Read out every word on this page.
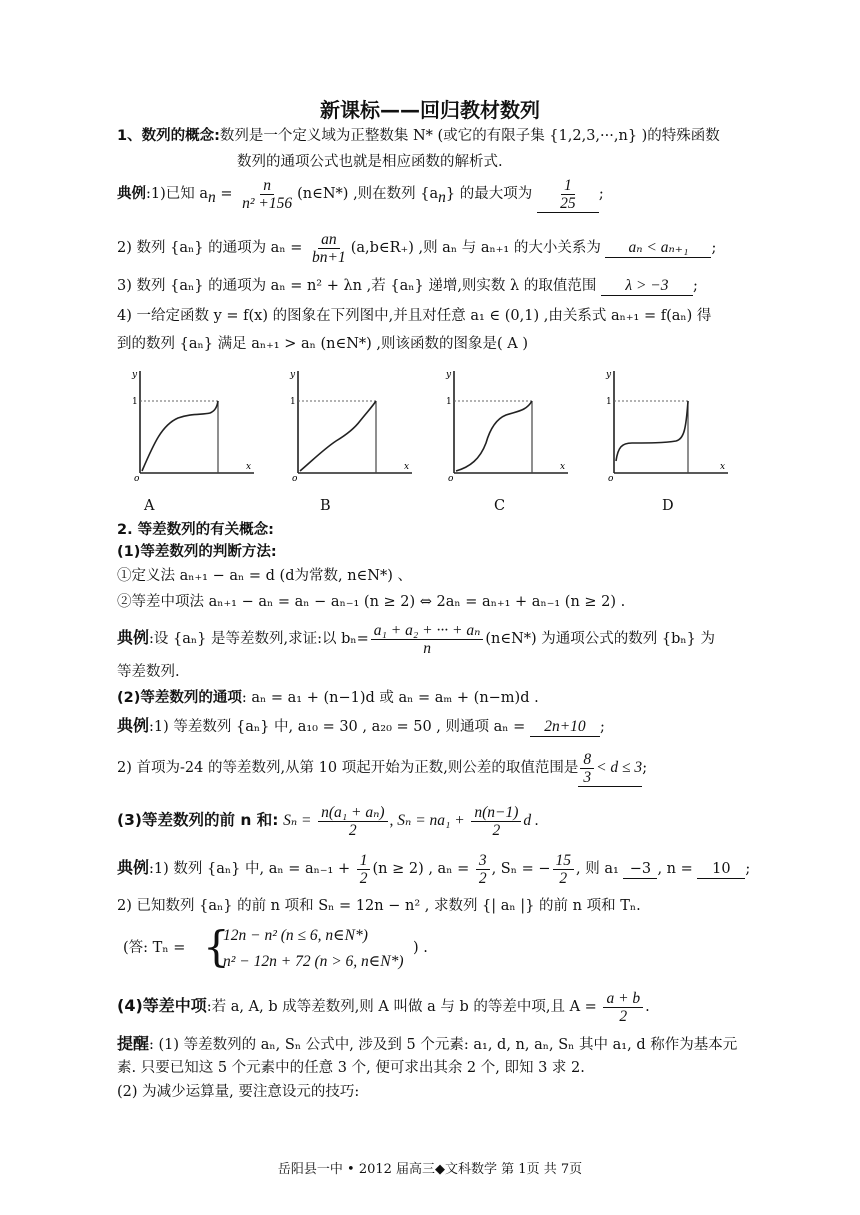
新课标——回归教材数列
1、数列的概念:数列是一个定义域为正整数集 N* (或它的有限子集 {1,2,3,···,n} )的特殊函数
数列的通项公式也就是相应函数的解析式.
典例:1)已知 $a_n = \frac{n}{\text{n² +156}}$ (n∈N*) ,则在数列 $\{a_n\}$ 的最大项为 $\frac{1}{25}$ ;
2) 数列 {aₙ} 的通项为 $a_n = \frac{an}{bn+1}$ (a,b∈R₊) ,则 aₙ 与 aₙ₊₁ 的大小关系为 aₙ < aₙ₊₁ ;
3) 数列 {aₙ} 的通项为 aₙ = n² + λn ,若 {aₙ} 递增,则实数 λ 的取值范围 λ > −3 ;
4) 一给定函数 y = f(x) 的图象在下列图中,并且对任意 a₁ ∈ (0,1) ,由关系式 aₙ₊₁ = f(aₙ) 得
到的数列 {aₙ} 满足 aₙ₊₁ > aₙ (n∈N*) ,则该函数的图象是( A )
y
1
o
x
y
1
o
x
y
1
o
x
y
1
o
x
A	B	C	D
2. 等差数列的有关概念:
(1)等差数列的判断方法:
①定义法 aₙ₊₁ − aₙ = d (d为常数, n∈N*) 、
②等差中项法 aₙ₊₁ − aₙ = aₙ − aₙ₋₁ (n ≥ 2) ⇔ 2aₙ = aₙ₊₁ + aₙ₋₁ (n ≥ 2) .
典例:设 {aₙ} 是等差数列,求证:以 $b_n= \frac{\text{a₁ + a₂ + ··· + aₙ}}{n}$ (n∈N*) 为通项公式的数列 {bₙ} 为
等差数列.
(2)等差数列的通项: aₙ = a₁ + (n−1)d 或 aₙ = aₘ + (n−m)d .
典例:1) 等差数列 {aₙ} 中, a₁₀ = 30 , a₂₀ = 50 , 则通项 aₙ = 2n+10 ;
2) 首项为-24 的等差数列,从第 10 项起开始为正数,则公差的取值范围是 $\frac{8}{3} < d \le 3$;
(3)等差数列的前 n 和: $S_n = \frac{\text{n(a₁ + aₙ)}}{2}$ , $S_n = na_1 + \frac{n(n-1)}{2}$ d .
典例:1) 数列 {aₙ} 中, $a_n = a_{n-1} + \frac{1}{2} (n \ge 2)$ , $a_n = \frac{3}{2}$ , Sₙ = − $\frac{15}{2}$ , 则 a₁ −3 , n = 10 ;
2) 已知数列 {aₙ} 的前 n 项和 Sₙ = 12n − n² , 求数列 {| aₙ |} 的前 n 项和 Tₙ.
(答: Tₙ = {
12n − n² (n ≤ 6, n∈N*)
n² − 12n + 72 (n > 6, n∈N*)
) .
(4)等差中项:若 a, A, b 成等差数列,则 A 叫做 a 与 b 的等差中项,且 $A = \frac{a + b}{2}$ .
提醒: (1) 等差数列的 aₙ, Sₙ 公式中, 涉及到 5 个元素: a₁, d, n, aₙ, Sₙ 其中 a₁, d 称作为基本元
素. 只要已知这 5 个元素中的任意 3 个, 便可求出其余 2 个, 即知 3 求 2.
(2) 为减少运算量, 要注意设元的技巧:
岳阳县一中 • 2012 届高三◆文科数学 第 1页 共 7页
